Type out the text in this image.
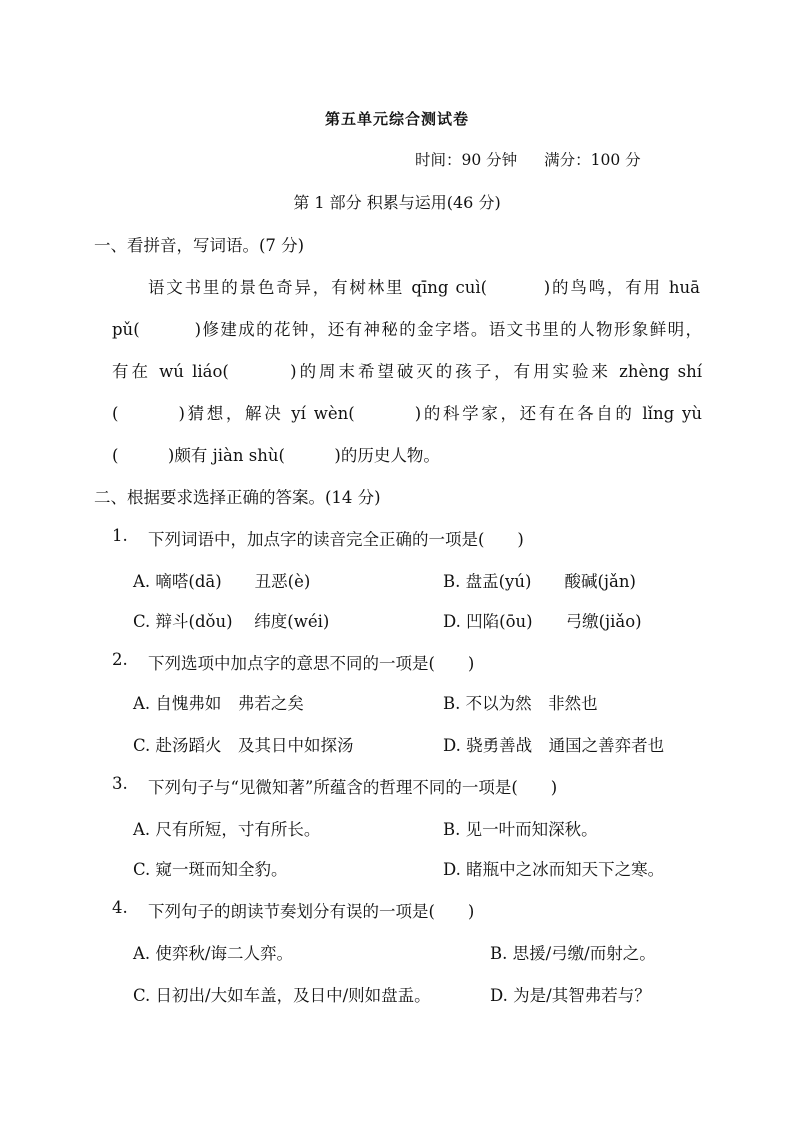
第五单元综合测试卷
时间：90 分钟 满分：100 分
第 1 部分 积累与运用(46 分)
一、看拼音，写词语。(7 分)
语文书里的景色奇异，有树林里 qīng cuì(　　　)的鸟鸣，有用 huā
pǔ(　　　)修建成的花钟，还有神秘的金字塔。语文书里的人物形象鲜明，
有在 wú liáo(　　　)的周末希望破灭的孩子，有用实验来 zhèng shí
(　　　)猜想，解决 yí wèn(　　　)的科学家，还有在各自的 lǐng yù
(　　　)颇有 jiàn shù(　　　)的历史人物。
二、根据要求选择正确的答案。(14 分)
1. 下列词语中，加点字的读音完全正确的一项是(　　)
A. 嘀嗒(dā)　　丑恶(è)	B. 盘盂(yú)　　酸碱(jǎn)
C. 辩斗(dǒu)　 纬度(wéi)	D. 凹陷(ōu)　　弓缴(jiǎo)
2. 下列选项中加点字的意思不同的一项是(　　)
A. 自愧弗如　弗若之矣	B. 不以为然　非然也
C. 赴汤蹈火　及其日中如探汤	D. 骁勇善战　通国之善弈者也
3. 下列句子与“见微知著”所蕴含的哲理不同的一项是(　　)
A. 尺有所短，寸有所长。	B. 见一叶而知深秋。
C. 窥一斑而知全豹。	D. 睹瓶中之冰而知天下之寒。
4. 下列句子的朗读节奏划分有误的一项是(　　)
A. 使弈秋/诲二人弈。	B. 思援/弓缴/而射之。
C. 日初出/大如车盖，及日中/则如盘盂。	D. 为是/其智弗若与？
